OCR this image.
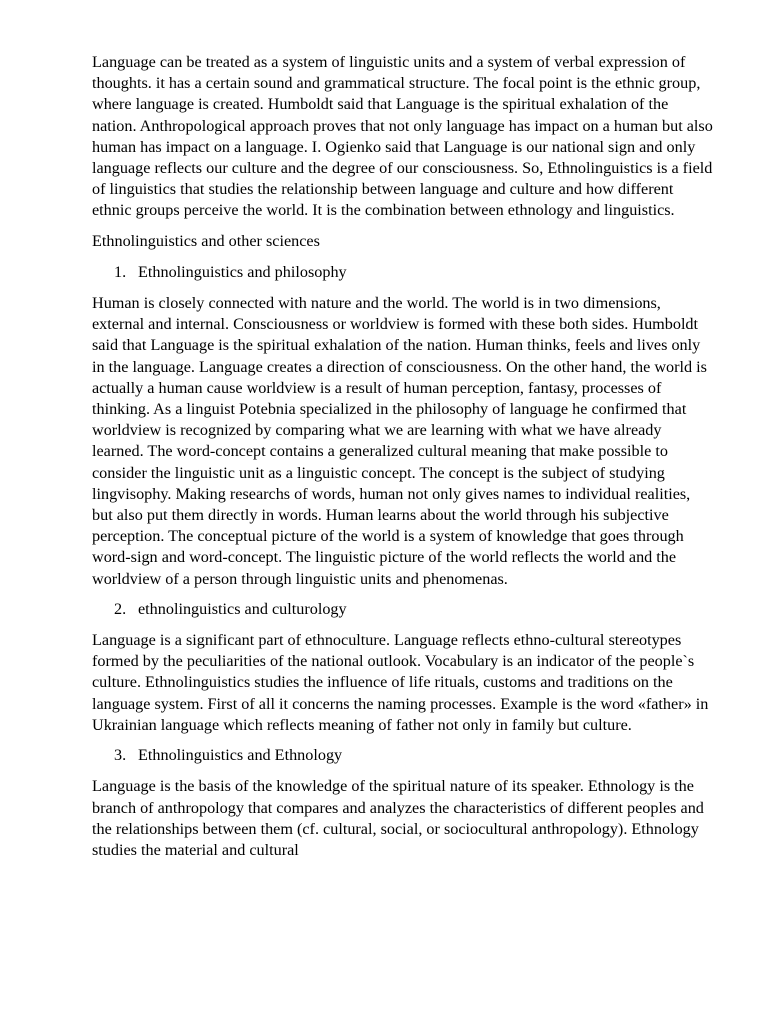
Language can be treated as a system of linguistic units and a system of verbal expression of thoughts. it has a certain sound and grammatical structure. The focal point is the ethnic group, where language is created. Humboldt said that Language is the spiritual exhalation of the nation. Anthropological approach proves that not only language has impact on a human but also human has impact on a language. I. Ogienko said that Language is our national sign and only language reflects our culture and the degree of our consciousness. So, Ethnolinguistics is a field of linguistics that studies the relationship between language and culture and how different ethnic groups perceive the world. It is the combination between ethnology and linguistics.

Ethnolinguistics and other sciences

1. Ethnolinguistics and philosophy

Human is closely connected with nature and the world. The world is in two dimensions, external and internal. Consciousness or worldview is formed with these both sides. Humboldt said that Language is the spiritual exhalation of the nation. Human thinks, feels and lives only in the language. Language creates a direction of consciousness. On the other hand, the world is actually a human cause worldview is a result of human perception, fantasy, processes of thinking. As a linguist Potebnia specialized in the philosophy of language he confirmed that worldview is recognized by comparing what we are learning with what we have already learned. The word-concept contains a generalized cultural meaning that make possible to consider the linguistic unit as a linguistic concept. The concept is the subject of studying lingvisophy. Making researchs of words, human not only gives names to individual realities, but also put them directly in words. Human learns about the world through his subjective perception. The conceptual picture of the world is a system of knowledge that goes through word-sign and word-concept. The linguistic picture of the world reflects the world and the worldview of a person through linguistic units and phenomenas.

2. ethnolinguistics and culturology

Language is a significant part of ethnoculture. Language reflects ethno-cultural stereotypes formed by the peculiarities of the national outlook. Vocabulary is an indicator of the people`s culture. Ethnolinguistics studies the influence of life rituals, customs and traditions on the language system. First of all it concerns the naming processes. Example is the word «father» in Ukrainian language which reflects meaning of father not only in family but culture.

3. Ethnolinguistics and Ethnology

Language is the basis of the knowledge of the spiritual nature of its speaker. Ethnology is the branch of anthropology that compares and analyzes the characteristics of different peoples and the relationships between them (cf. cultural, social, or sociocultural anthropology). Ethnology studies the material and cultural
